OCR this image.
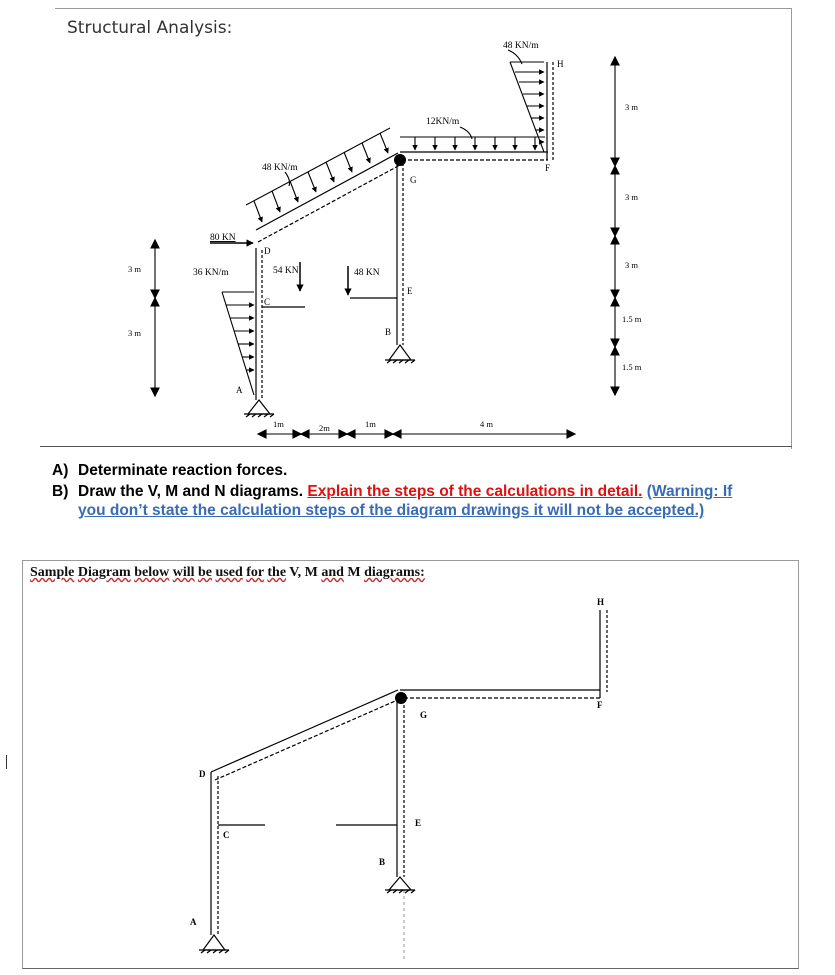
Structural Analysis:
48 KN/m
12KN/m
48 KN/m
80 KN
36 KN/m	54 KN	48 KN
H
F
G
D
C
E
B
A
3 m
3 m
3 m
3 m
3 m
1.5 m
1.5 m
1m	2m	1m	4 m
A) Determinate reaction forces.
B) Draw the V, M and N diagrams. Explain the steps of the calculations in detail. (Warning: If
you don’t state the calculation steps of the diagram drawings it will not be accepted.)
Sample Diagram below will be used for the V, M and M diagrams:
H
F
G
D
C
E
B
A
